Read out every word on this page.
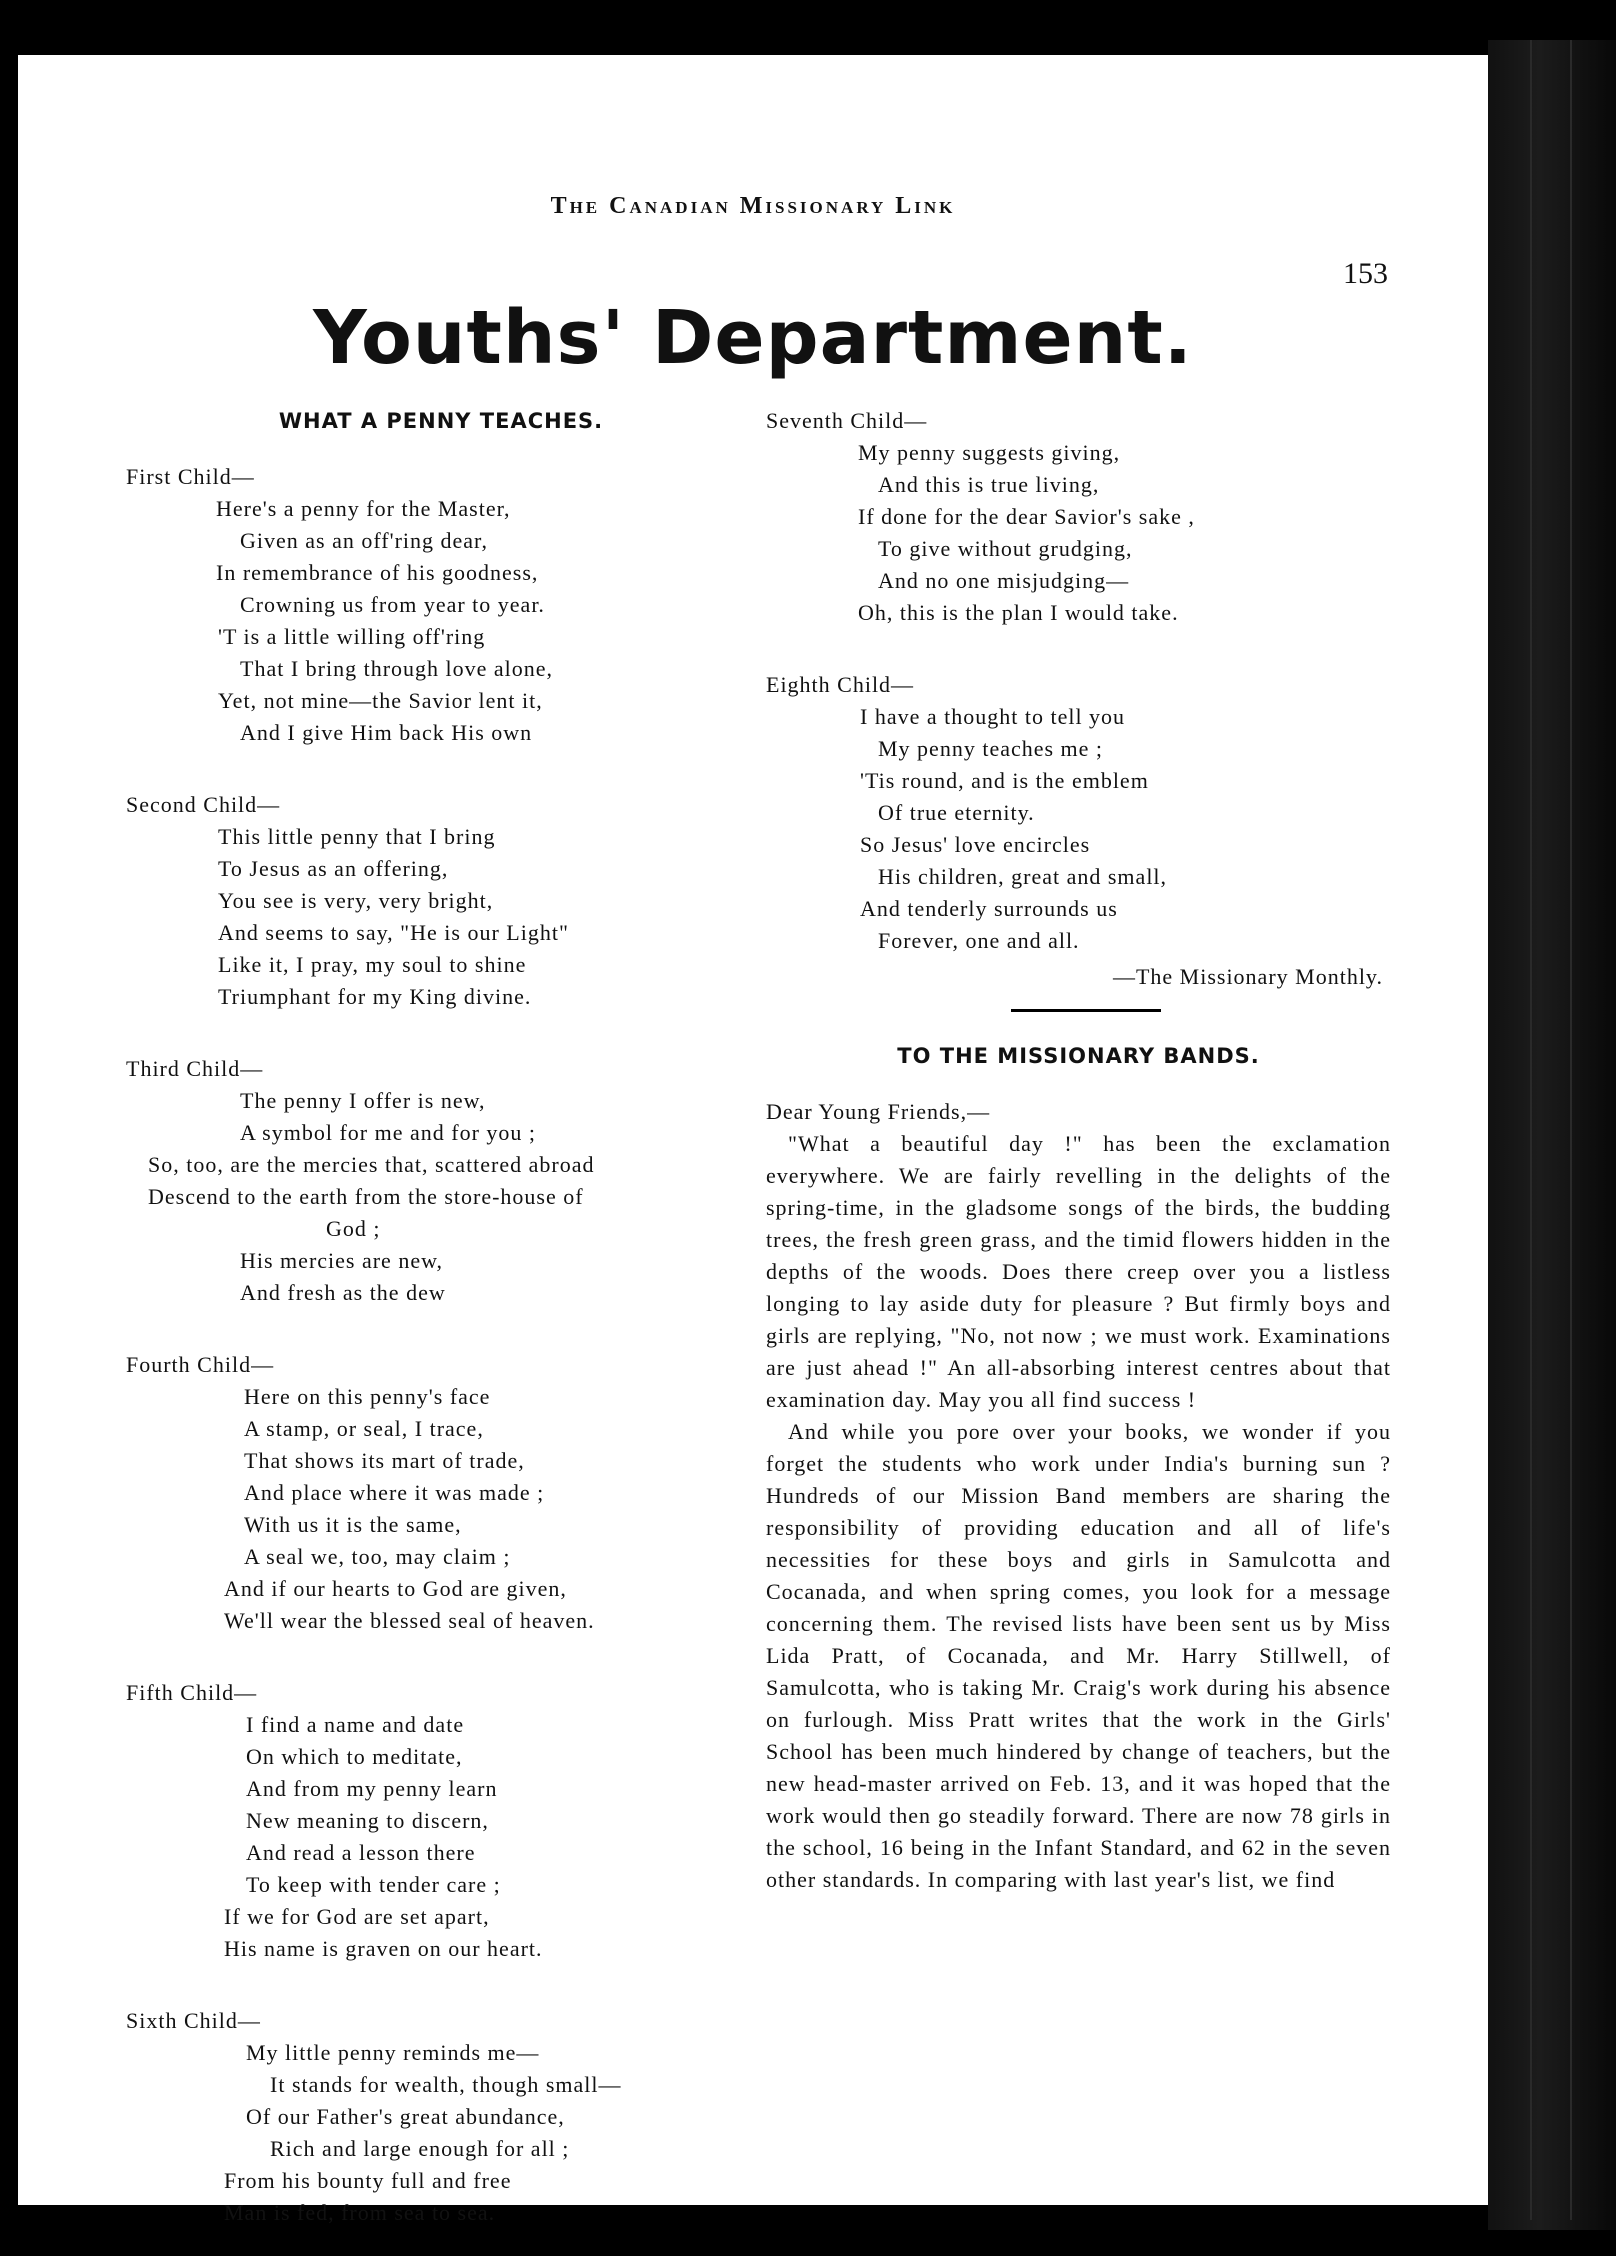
The Canadian Missionary Link
153
Youths' Department.
WHAT A PENNY TEACHES.
First Child—
Here's a penny for the Master,
Given as an off'ring dear,
In remembrance of his goodness,
Crowning us from year to year.
'T is a little willing off'ring
That I bring through love alone,
Yet, not mine—the Savior lent it,
And I give Him back His own
Second Child—
This little penny that I bring
To Jesus as an offering,
You see is very, very bright,
And seems to say, "He is our Light"
Like it, I pray, my soul to shine
Triumphant for my King divine.
Third Child—
The penny I offer is new,
A symbol for me and for you ;
So, too, are the mercies that, scattered abroad
Descend to the earth from the store-house of
God ;
His mercies are new,
And fresh as the dew
Fourth Child—
Here on this penny's face
A stamp, or seal, I trace,
That shows its mart of trade,
And place where it was made ;
With us it is the same,
A seal we, too, may claim ;
And if our hearts to God are given,
We'll wear the blessed seal of heaven.
Fifth Child—
I find a name and date
On which to meditate,
And from my penny learn
New meaning to discern,
And read a lesson there
To keep with tender care ;
If we for God are set apart,
His name is graven on our heart.
Sixth Child—
My little penny reminds me—
It stands for wealth, though small—
Of our Father's great abundance,
Rich and large enough for all ;
From his bounty full and free
Man is fed, from sea to sea.
Seventh Child—
My penny suggests giving,
And this is true living,
If done for the dear Savior's sake ,
To give without grudging,
And no one misjudging—
Oh, this is the plan I would take.
Eighth Child—
I have a thought to tell you
My penny teaches me ;
'Tis round, and is the emblem
Of true eternity.
So Jesus' love encircles
His children, great and small,
And tenderly surrounds us
Forever, one and all.
—The Missionary Monthly.
TO THE MISSIONARY BANDS.
Dear Young Friends,—

"What a beautiful day !" has been the exclamation everywhere. We are fairly revelling in the delights of the spring-time, in the gladsome songs of the birds, the budding trees, the fresh green grass, and the timid flowers hidden in the depths of the woods. Does there creep over you a listless longing to lay aside duty for pleasure ? But firmly boys and girls are replying, "No, not now ; we must work. Examinations are just ahead !" An all-absorbing interest centres about that examination day. May you all find success !

And while you pore over your books, we wonder if you forget the students who work under India's burning sun ? Hundreds of our Mission Band members are sharing the responsibility of providing education and all of life's necessities for these boys and girls in Samulcotta and Cocanada, and when spring comes, you look for a message concerning them. The revised lists have been sent us by Miss Lida Pratt, of Cocanada, and Mr. Harry Stillwell, of Samulcotta, who is taking Mr. Craig's work during his absence on furlough. Miss Pratt writes that the work in the Girls' School has been much hindered by change of teachers, but the new head-master arrived on Feb. 13, and it was hoped that the work would then go steadily forward. There are now 78 girls in the school, 16 being in the Infant Standard, and 62 in the seven other standards. In comparing with last year's list, we find
